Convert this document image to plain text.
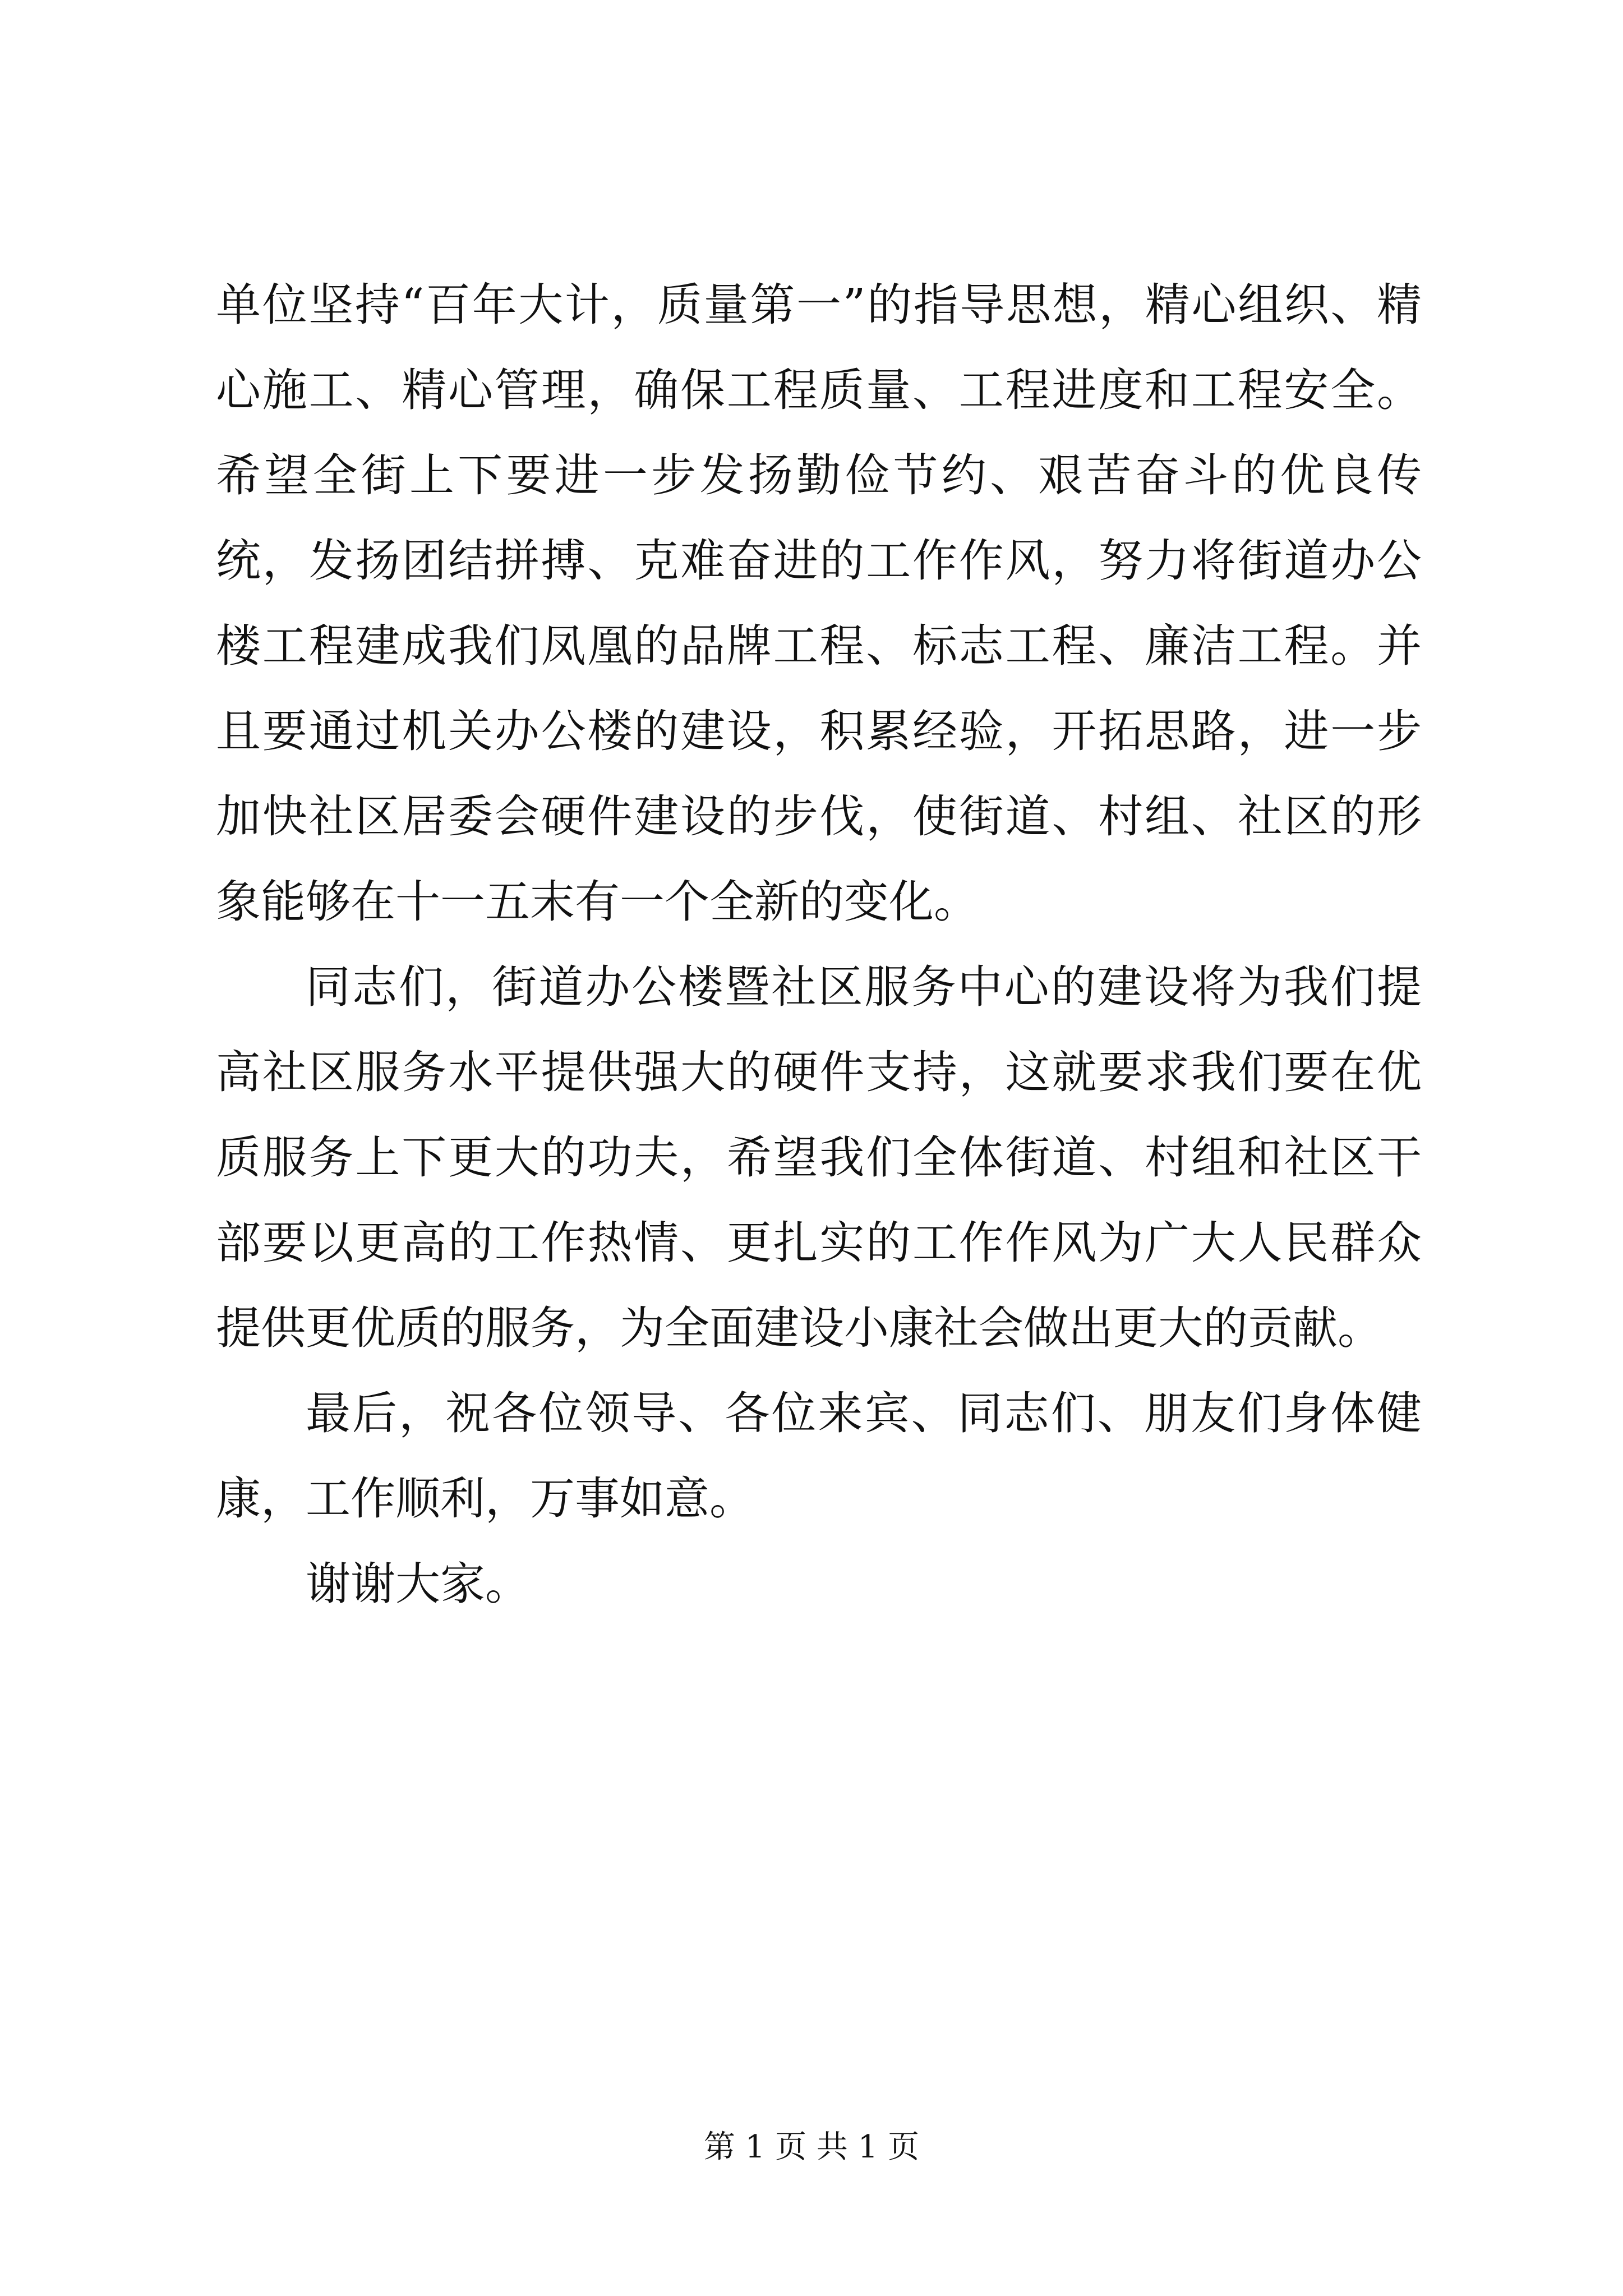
单位坚持“百年大计，质量第一”的指导思想，精心组织、精心施工、精心管理，确保工程质量、工程进度和工程安全。希望全街上下要进一步发扬勤俭节约、艰苦奋斗的优良传统，发扬团结拼搏、克难奋进的工作作风，努力将街道办公楼工程建成我们凤凰的品牌工程、标志工程、廉洁工程。并且要通过机关办公楼的建设，积累经验，开拓思路，进一步加快社区居委会硬件建设的步伐，使街道、村组、社区的形象能够在十一五末有一个全新的变化。

同志们，街道办公楼暨社区服务中心的建设将为我们提高社区服务水平提供强大的硬件支持，这就要求我们要在优质服务上下更大的功夫，希望我们全体街道、村组和社区干部要以更高的工作热情、更扎实的工作作风为广大人民群众提供更优质的服务，为全面建设小康社会做出更大的贡献。

最后，祝各位领导、各位来宾、同志们、朋友们身体健康，工作顺利，万事如意。

谢谢大家。

第 1 页 共 1 页
